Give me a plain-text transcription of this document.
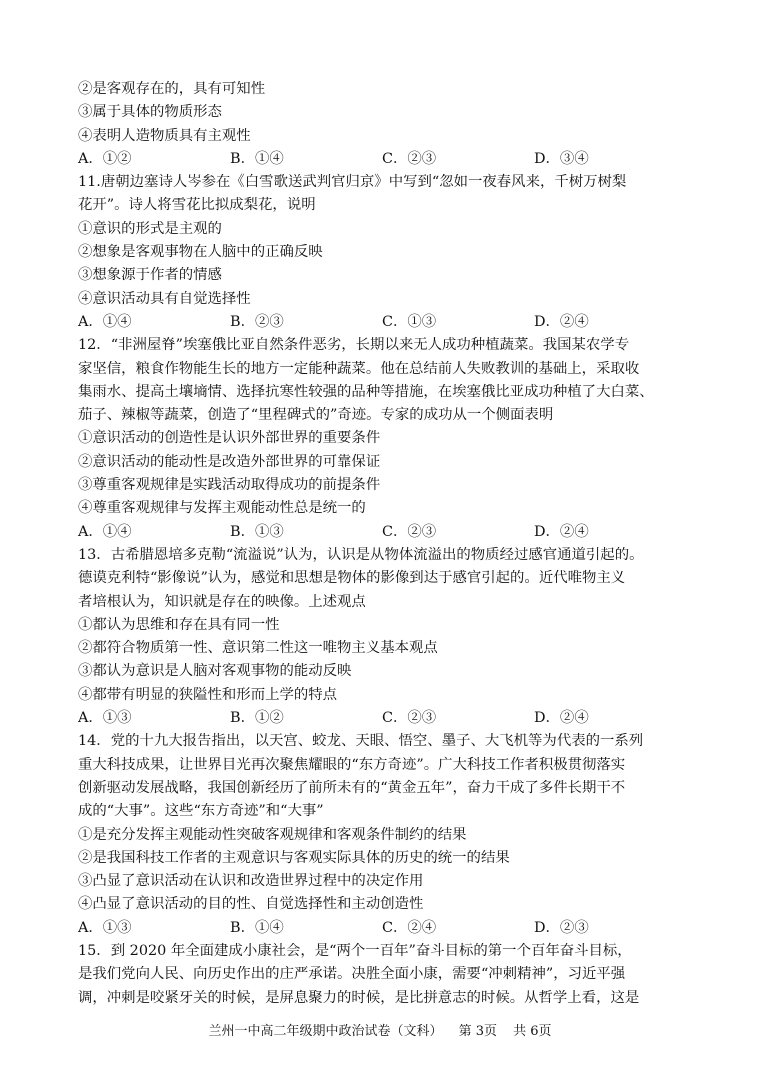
②是客观存在的，具有可知性
③属于具体的物质形态
④表明人造物质具有主观性
A．①②	B．①④	C．②③	D．③④
11.唐朝边塞诗人岑参在《白雪歌送武判官归京》中写到“忽如一夜春风来，千树万树梨
花开”。诗人将雪花比拟成梨花，说明
①意识的形式是主观的
②想象是客观事物在人脑中的正确反映
③想象源于作者的情感
④意识活动具有自觉选择性
A．①④	B．②③	C．①③	D．②④
12．“非洲屋脊”埃塞俄比亚自然条件恶劣，长期以来无人成功种植蔬菜。我国某农学专
家坚信，粮食作物能生长的地方一定能种蔬菜。他在总结前人失败教训的基础上，采取收
集雨水、提高土壤墒情、选择抗寒性较强的品种等措施，在埃塞俄比亚成功种植了大白菜、
茄子、辣椒等蔬菜，创造了“里程碑式的”奇迹。专家的成功从一个侧面表明
①意识活动的创造性是认识外部世界的重要条件
②意识活动的能动性是改造外部世界的可靠保证
③尊重客观规律是实践活动取得成功的前提条件
④尊重客观规律与发挥主观能动性总是统一的
A．①④	B．①③	C．②③	D．②④
13．古希腊恩培多克勒“流溢说”认为，认识是从物体流溢出的物质经过感官通道引起的。
德谟克利特“影像说”认为，感觉和思想是物体的影像到达于感官引起的。近代唯物主义
者培根认为，知识就是存在的映像。上述观点
①都认为思维和存在具有同一性
②都符合物质第一性、意识第二性这一唯物主义基本观点
③都认为意识是人脑对客观事物的能动反映
④都带有明显的狭隘性和形而上学的特点
A．①③	B．①②	C．②③	D．②④
14．党的十九大报告指出，以天宫、蛟龙、天眼、悟空、墨子、大飞机等为代表的一系列
重大科技成果，让世界目光再次聚焦耀眼的“东方奇迹”。广大科技工作者积极贯彻落实
创新驱动发展战略，我国创新经历了前所未有的“黄金五年”，奋力干成了多件长期干不
成的“大事”。这些“东方奇迹”和“大事”
①是充分发挥主观能动性突破客观规律和客观条件制约的结果
②是我国科技工作者的主观意识与客观实际具体的历史的统一的结果
③凸显了意识活动在认识和改造世界过程中的决定作用
④凸显了意识活动的目的性、自觉选择性和主动创造性
A．①③	B．①④	C．②④	D．②③
15．到 2020 年全面建成小康社会，是“两个一百年”奋斗目标的第一个百年奋斗目标，
是我们党向人民、向历史作出的庄严承诺。决胜全面小康，需要“冲刺精神”，习近平强
调，冲刺是咬紧牙关的时候，是屏息聚力的时候，是比拼意志的时候。从哲学上看，这是
兰州一中高二年级期中政治试卷（文科） 第 3页 共 6页
